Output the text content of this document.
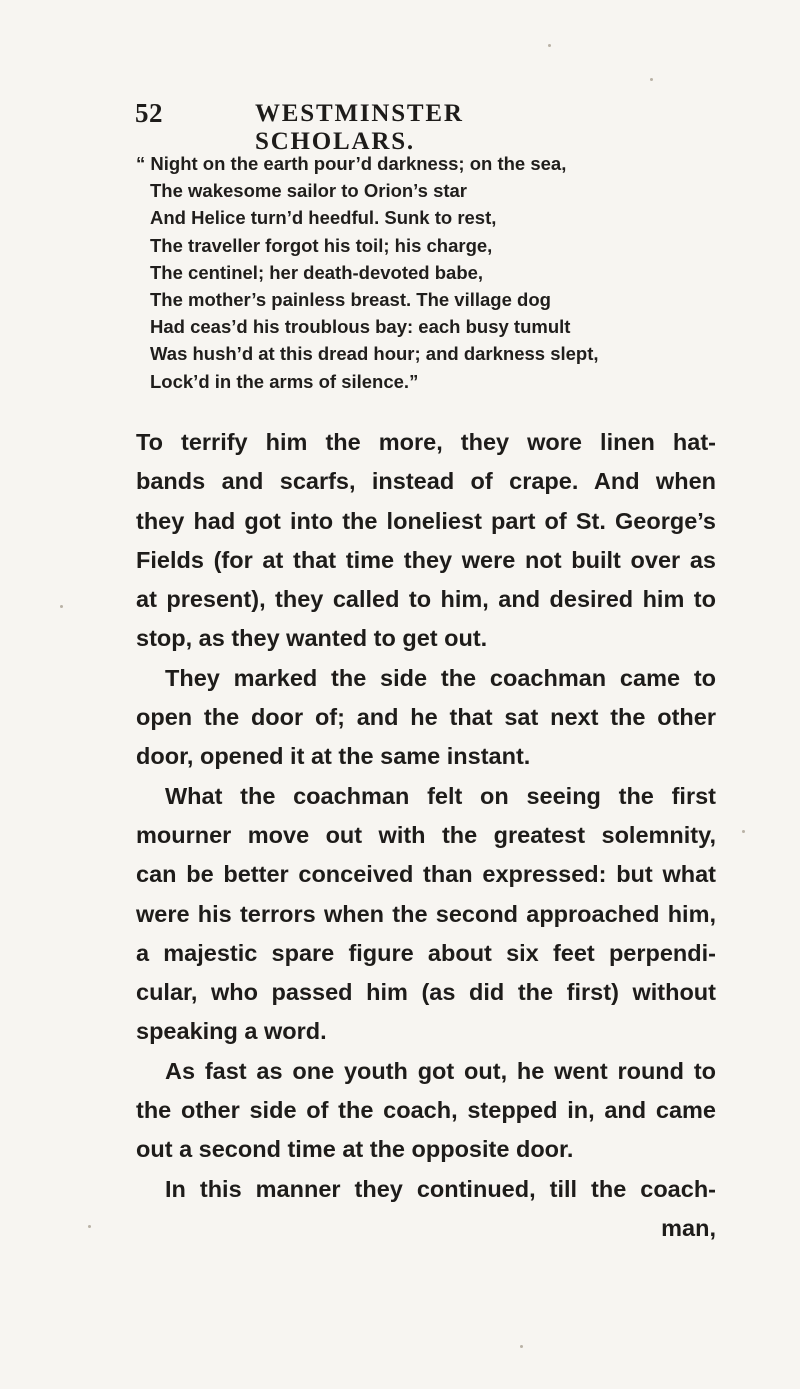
52	WESTMINSTER SCHOLARS.
“ Night on the earth pour’d darkness; on the sea,
The wakesome sailor to Orion’s star
And Helice turn’d heedful. Sunk to rest,
The traveller forgot his toil; his charge,
The centinel; her death-devoted babe,
The mother’s painless breast. The village dog
Had ceas’d his troublous bay: each busy tumult
Was hush’d at this dread hour; and darkness slept,
Lock’d in the arms of silence.”
To terrify him the more, they wore linen hat-
bands and scarfs, instead of crape. And when
they had got into the loneliest part of St. George’s
Fields (for at that time they were not built over as
at present), they called to him, and desired him to
stop, as they wanted to get out.
They marked the side the coachman came to
open the door of; and he that sat next the other
door, opened it at the same instant.
What the coachman felt on seeing the first
mourner move out with the greatest solemnity,
can be better conceived than expressed: but what
were his terrors when the second approached him,
a majestic spare figure about six feet perpendi-
cular, who passed him (as did the first) without
speaking a word.
As fast as one youth got out, he went round to
the other side of the coach, stepped in, and came
out a second time at the opposite door.
In this manner they continued, till the coach-
man,
